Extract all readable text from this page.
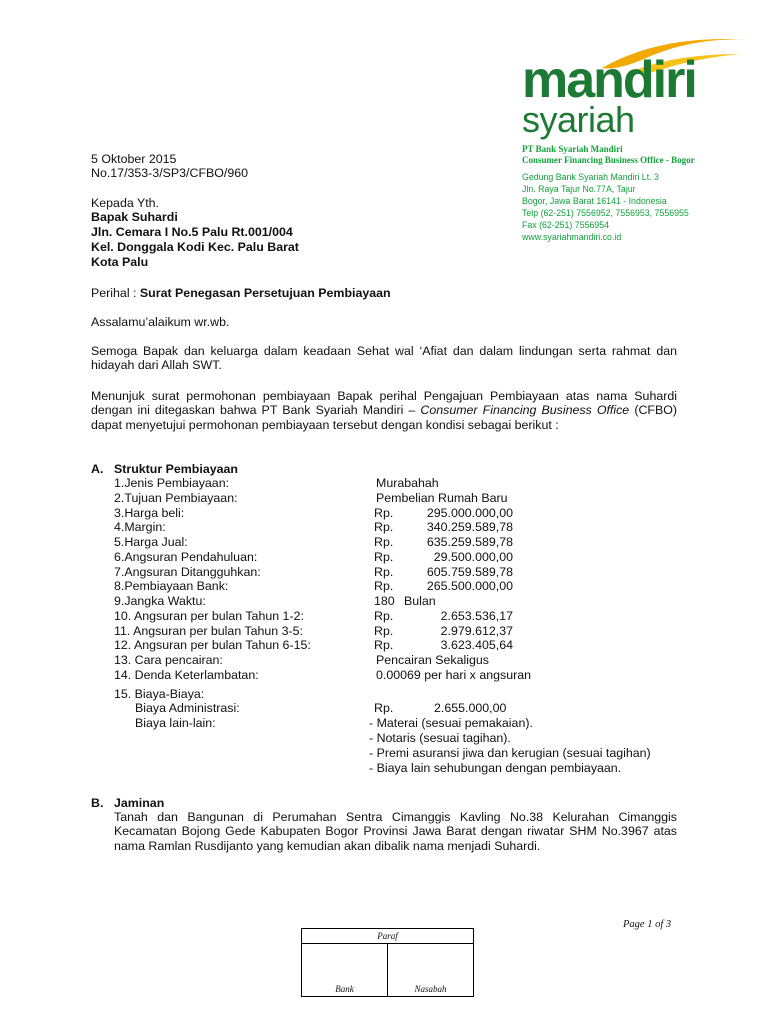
mandiri
syariah
PT Bank Syariah Mandiri
Consumer Financing Business Office - Bogor
Gedung Bank Syariah Mandiri Lt. 3
Jln. Raya Tajur No.77A, Tajur
Bogor, Jawa Barat 16141 - Indonesia
Telp (62-251) 7556952, 7556953, 7556955
Fax (62-251) 7556954
www.syariahmandiri.co.id
5 Oktober 2015
No.17/353-3/SP3/CFBO/960
Kepada Yth.
Bapak Suhardi
Jln. Cemara I No.5 Palu Rt.001/004
Kel. Donggala Kodi Kec. Palu Barat
Kota Palu
Perihal : Surat Penegasan Persetujuan Pembiayaan
Assalamu’alaikum wr.wb.
Semoga Bapak dan keluarga dalam keadaan Sehat wal ‘Afiat dan dalam lindungan serta rahmat dan hidayah dari Allah SWT.
Menunjuk surat permohonan pembiayaan Bapak perihal Pengajuan Pembiayaan atas nama Suhardi dengan ini ditegaskan bahwa PT Bank Syariah Mandiri – Consumer Financing Business Office (CFBO) dapat menyetujui permohonan pembiayaan tersebut dengan kondisi sebagai berikut :
A. Struktur Pembiayaan
1.Jenis Pembiayaan:	Murabahah
2.Tujuan Pembiayaan:	Pembelian Rumah Baru
3.Harga beli:	Rp.	295.000.000,00
4.Margin:	Rp.	340.259.589,78
5.Harga Jual:	Rp.	635.259.589,78
6.Angsuran Pendahuluan:	Rp.	29.500.000,00
7.Angsuran Ditangguhkan:	Rp.	605.759.589,78
8.Pembiayaan Bank:	Rp.	265.500.000,00
9.Jangka Waktu:	180 Bulan
10. Angsuran per bulan Tahun 1-2:	Rp.	2.653.536,17
11. Angsuran per bulan Tahun 3-5:	Rp.	2.979.612,37
12. Angsuran per bulan Tahun 6-15:	Rp.	3.623.405,64
13. Cara pencairan:	Pencairan Sekaligus
14. Denda Keterlambatan:	0.00069 per hari x angsuran
15. Biaya-Biaya:
Biaya Administrasi:	Rp.	2.655.000,00
Biaya lain-lain:	- Materai (sesuai pemakaian).
- Notaris (sesuai tagihan).
- Premi asuransi jiwa dan kerugian (sesuai tagihan)
- Biaya lain sehubungan dengan pembiayaan.
B. Jaminan
Tanah dan Bangunan di Perumahan Sentra Cimanggis Kavling No.38 Kelurahan Cimanggis Kecamatan Bojong Gede Kabupaten Bogor Provinsi Jawa Barat dengan riwatar SHM No.3967 atas nama Ramlan Rusdijanto yang kemudian akan dibalik nama menjadi Suhardi.
Page 1 of 3
Paraf
Bank	Nasabah
